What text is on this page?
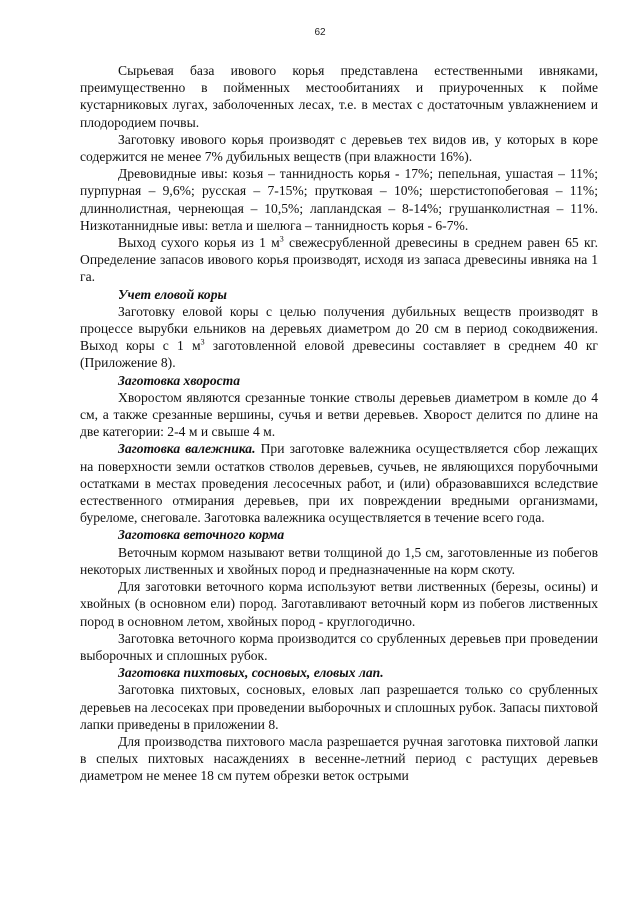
62

Сырьевая база ивового корья представлена естественными ивняками, преимущественно в пойменных местообитаниях и приуроченных к пойме кустарниковых лугах, заболоченных лесах, т.е. в местах с достаточным увлажнением и плодородием почвы.

Заготовку ивового корья производят с деревьев тех видов ив, у которых в коре содержится не менее 7% дубильных веществ (при влажности 16%).

Древовидные ивы: козья – таннидность корья - 17%; пепельная, ушастая – 11%; пурпурная – 9,6%; русская – 7-15%; прутковая – 10%; шерстистопобеговая – 11%; длиннолистная, чернеющая – 10,5%; лапландская – 8-14%; грушанколистная – 11%. Низкотаннидные ивы: ветла и шелюга – таннидность корья - 6-7%.

Выход сухого корья из 1 $м^3$ свежесрубленной древесины в среднем равен 65 кг. Определение запасов ивового корья производят, исходя из запаса древесины ивняка на 1 га.

Учет еловой коры

Заготовку еловой коры с целью получения дубильных веществ производят в процессе вырубки ельников на деревьях диаметром до 20 см в период сокодвижения. Выход коры с 1 $м^3$ заготовленной еловой древесины составляет в среднем 40 кг (Приложение 8).

Заготовка хвороста

Хворостом являются срезанные тонкие стволы деревьев диаметром в комле до 4 см, а также срезанные вершины, сучья и ветви деревьев. Хворост делится по длине на две категории: 2-4 м и свыше 4 м.

Заготовка валежника. При заготовке валежника осуществляется сбор лежащих на поверхности земли остатков стволов деревьев, сучьев, не являющихся порубочными остатками в местах проведения лесосечных работ, и (или) образовавшихся вследствие естественного отмирания деревьев, при их повреждении вредными организмами, буреломе, снеговале. Заготовка валежника осуществляется в течение всего года.

Заготовка веточного корма

Веточным кормом называют ветви толщиной до 1,5 см, заготовленные из побегов некоторых лиственных и хвойных пород и предназначенные на корм скоту.

Для заготовки веточного корма используют ветви лиственных (березы, осины) и хвойных (в основном ели) пород. Заготавливают веточный корм из побегов лиственных пород в основном летом, хвойных пород - круглогодично.

Заготовка веточного корма производится со срубленных деревьев при проведении выборочных и сплошных рубок.

Заготовка пихтовых, сосновых, еловых лап.

Заготовка пихтовых, сосновых, еловых лап разрешается только со срубленных деревьев на лесосеках при проведении выборочных и сплошных рубок. Запасы пихтовой лапки приведены в приложении 8.

Для производства пихтового масла разрешается ручная заготовка пихтовой лапки в спелых пихтовых насаждениях в весенне-летний период с растущих деревьев диаметром не менее 18 см путем обрезки веток острыми
